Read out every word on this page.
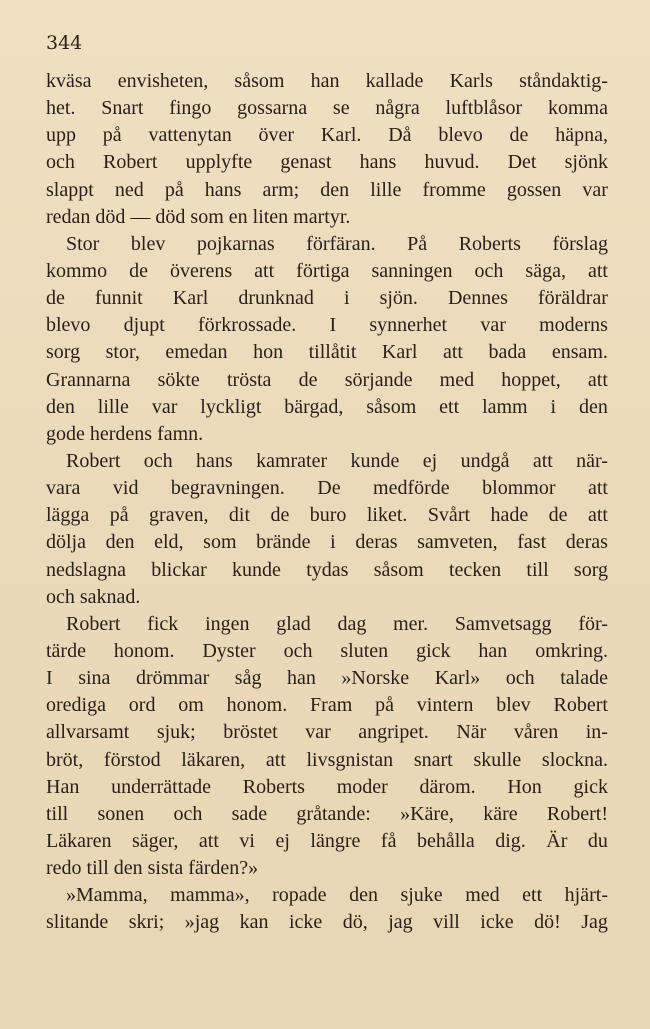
344
kväsa envisheten, såsom han kallade Karls ståndaktig-
het. Snart fingo gossarna se några luftblåsor komma
upp på vattenytan över Karl. Då blevo de häpna,
och Robert upplyfte genast hans huvud. Det sjönk
slappt ned på hans arm; den lille fromme gossen var
redan död — död som en liten martyr.
Stor blev pojkarnas förfäran. På Roberts förslag
kommo de överens att förtiga sanningen och säga, att
de funnit Karl drunknad i sjön. Dennes föräldrar
blevo djupt förkrossade. I synnerhet var moderns
sorg stor, emedan hon tillåtit Karl att bada ensam.
Grannarna sökte trösta de sörjande med hoppet, att
den lille var lyckligt bärgad, såsom ett lamm i den
gode herdens famn.
Robert och hans kamrater kunde ej undgå att när-
vara vid begravningen. De medförde blommor att
lägga på graven, dit de buro liket. Svårt hade de att
dölja den eld, som brände i deras samveten, fast deras
nedslagna blickar kunde tydas såsom tecken till sorg
och saknad.
Robert fick ingen glad dag mer. Samvetsagg för-
tärde honom. Dyster och sluten gick han omkring.
I sina drömmar såg han »Norske Karl» och talade
orediga ord om honom. Fram på vintern blev Robert
allvarsamt sjuk; bröstet var angripet. När våren in-
bröt, förstod läkaren, att livsgnistan snart skulle slockna.
Han underrättade Roberts moder därom. Hon gick
till sonen och sade gråtande: »Käre, käre Robert!
Läkaren säger, att vi ej längre få behålla dig. Är du
redo till den sista färden?»
»Mamma, mamma», ropade den sjuke med ett hjärt-
slitande skri; »jag kan icke dö, jag vill icke dö! Jag
